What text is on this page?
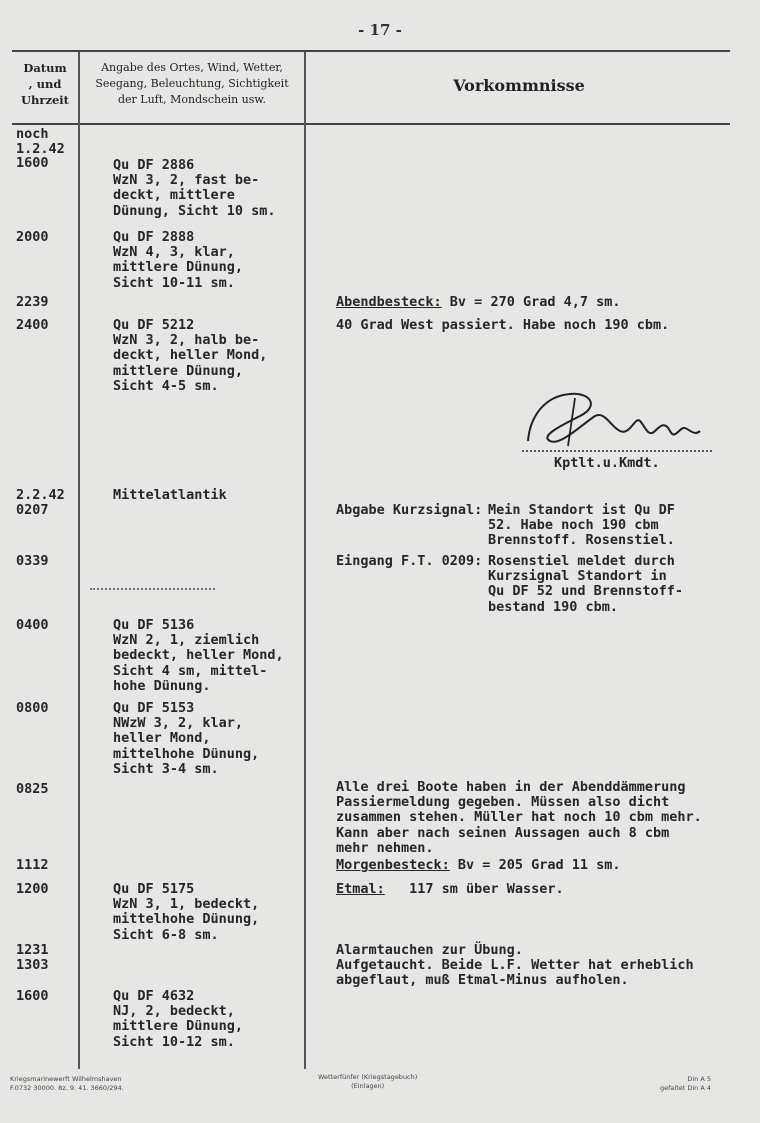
- 17 -
Datum
, und
Uhrzeit
Angabe des Ortes, Wind, Wetter,
Seegang, Beleuchtung, Sichtigkeit
der Luft, Mondschein usw.
Vorkommnisse
noch
1.2.42
1600
2000
2239
2400
2.2.42
0207
0339
0400
0800
0825
1112
1200
1231
1303
1600
Qu DF 2886
WzN 3, 2, fast be-
deckt, mittlere
Dünung, Sicht 10 sm.
Qu DF 2888
WzN 4, 3, klar,
mittlere Dünung,
Sicht 10-11 sm.
Qu DF 5212
WzN 3, 2, halb be-
deckt, heller Mond,
mittlere Dünung,
Sicht 4-5 sm.
Mittelatlantik
Qu DF 5136
WzN 2, 1, ziemlich
bedeckt, heller Mond,
Sicht 4 sm, mittel-
hohe Dünung.
Qu DF 5153
NWzW 3, 2, klar,
heller Mond,
mittelhohe Dünung,
Sicht 3-4 sm.
Qu DF 5175
WzN 3, 1, bedeckt,
mittelhohe Dünung,
Sicht 6-8 sm.
Qu DF 4632
NJ, 2, bedeckt,
mittlere Dünung,
Sicht 10-12 sm.
Abendbesteck: Bv = 270 Grad 4,7 sm.
40 Grad West passiert. Habe noch 190 cbm.
Kptlt.u.Kmdt.
Abgabe Kurzsignal: Mein Standort ist Qu DF
52. Habe noch 190 cbm
Brennstoff. Rosenstiel.
Eingang F.T. 0209: Rosenstiel meldet durch
Kurzsignal Standort in
Qu DF 52 und Brennstoff-
bestand 190 cbm.
Alle drei Boote haben in der Abenddämmerung
Passiermeldung gegeben. Müssen also dicht
zusammen stehen. Müller hat noch 10 cbm mehr.
Kann aber nach seinen Aussagen auch 8 cbm
mehr nehmen.
Morgenbesteck: Bv = 205 Grad 11 sm.
Etmal:   117 sm über Wasser.
Alarmtauchen zur Übung.
Aufgetaucht. Beide L.F. Wetter hat erheblich
abgeflaut, muß Etmal-Minus aufholen.
Kriegsmarinewerft Wilhelmshaven
F.0732 30000. 8z. 9. 41. 3660/294.
Wetterfünfer (Kriegstagebuch)
(Einlagen)
Din A 5
gefaltet Din A 4
